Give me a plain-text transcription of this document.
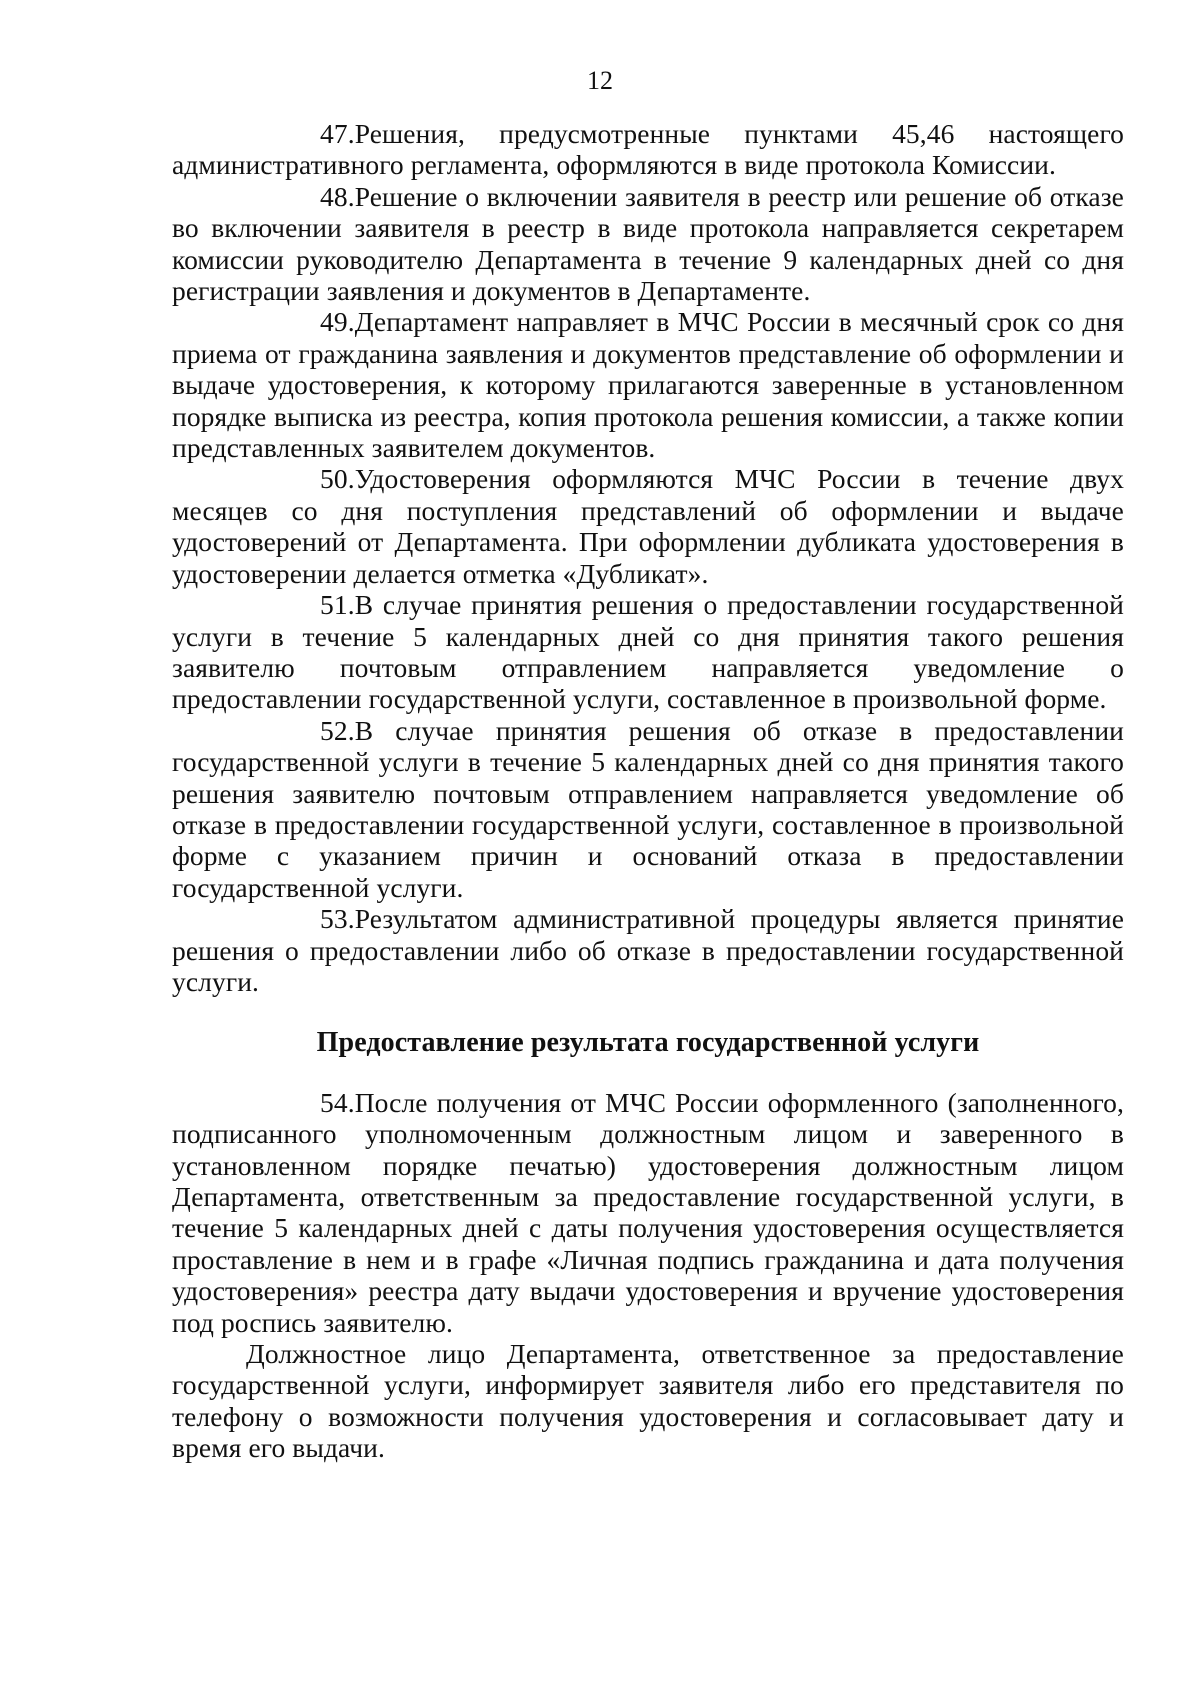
12

47.Решения, предусмотренные пунктами 45,46 настоящего административного регламента, оформляются в виде протокола Комиссии.

48.Решение о включении заявителя в реестр или решение об отказе во включении заявителя в реестр в виде протокола направляется секретарем комиссии руководителю Департамента в течение 9 календарных дней со дня регистрации заявления и документов в Департаменте.

49.Департамент направляет в МЧС России в месячный срок со дня приема от гражданина заявления и документов представление об оформлении и выдаче удостоверения, к которому прилагаются заверенные в установленном порядке выписка из реестра, копия протокола решения комиссии, а также копии представленных заявителем документов.

50.Удостоверения оформляются МЧС России в течение двух месяцев со дня поступления представлений об оформлении и выдаче удостоверений от Департамента. При оформлении дубликата удостоверения в удостоверении делается отметка «Дубликат».

51.В случае принятия решения о предоставлении государственной услуги в течение 5 календарных дней со дня принятия такого решения заявителю почтовым отправлением направляется уведомление о предоставлении государственной услуги, составленное в произвольной форме.

52.В случае принятия решения об отказе в предоставлении государственной услуги в течение 5 календарных дней со дня принятия такого решения заявителю почтовым отправлением направляется уведомление об отказе в предоставлении государственной услуги, составленное в произвольной форме с указанием причин и оснований отказа в предоставлении государственной услуги.

53.Результатом административной процедуры является принятие решения о предоставлении либо об отказе в предоставлении государственной услуги.

Предоставление результата государственной услуги

54.После получения от МЧС России оформленного (заполненного, подписанного уполномоченным должностным лицом и заверенного в установленном порядке печатью) удостоверения должностным лицом Департамента, ответственным за предоставление государственной услуги, в течение 5 календарных дней с даты получения удостоверения осуществляется проставление в нем и в графе «Личная подпись гражданина и дата получения удостоверения» реестра дату выдачи удостоверения и вручение удостоверения под роспись заявителю.

Должностное лицо Департамента, ответственное за предоставление государственной услуги, информирует заявителя либо его представителя по телефону о возможности получения удостоверения и согласовывает дату и время его выдачи.
